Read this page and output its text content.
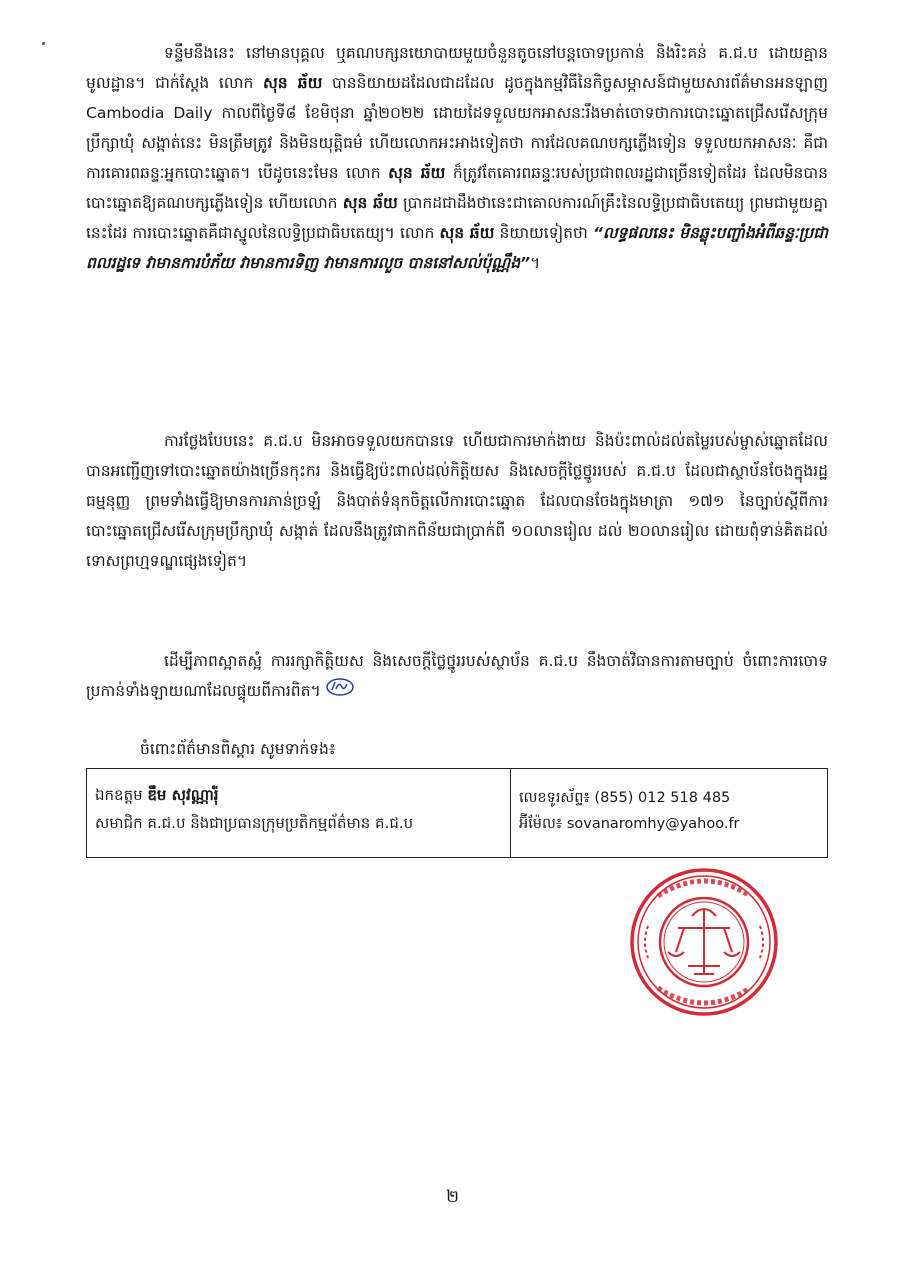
ទន្ទឹមនឹងនេះ នៅមានបុគ្គល ឬគណបក្សនយោបាយមួយចំនួនតូចនៅបន្តចោទប្រកាន់ និងរិះគន់ គ.ជ.ប ដោយគ្មានមូលដ្ឋាន។ ជាក់ស្តែង លោក សុន ឆ័យ បាននិយាយដដែលជាដដែល ដូចក្នុងកម្មវិធីនៃកិច្ចសម្ភាសន៍ជាមួយសារព័ត៌មានអនឡាញ Cambodia Daily កាលពីថ្ងៃទី៨ ខែមិថុនា ឆ្នាំ២០២២ ដោយដៃទទួលយកអាសនៈរឹងមាត់ចោទថាការបោះឆ្នោតជ្រើសរើសក្រុមប្រឹក្សាឃុំ សង្កាត់នេះ មិនត្រឹមត្រូវ និងមិនយុត្តិធម៌ ហើយលោកអះអាងទៀតថា ការដែលគណបក្សភ្លើងទៀន ទទួលយកអាសនៈ គឺជាការគោរពឆន្ទៈអ្នកបោះឆ្នោត។ បើដូចនេះមែន លោក សុន ឆ័យ ក៏ត្រូវតែគោរពឆន្ទៈរបស់ប្រជាពលរដ្ឋជាច្រើនទៀតដែរ ដែលមិនបានបោះឆ្នោតឱ្យគណបក្សភ្លើងទៀន ហើយលោក សុន ឆ័យ ប្រាកដជាដឹងថានេះជាគោលការណ៍គ្រឹះនៃលទ្ធិប្រជាធិបតេយ្យ ព្រមជាមួយគ្នានេះដែរ ការបោះឆ្នោតគឺជាស្នូលនៃលទ្ធិប្រជាធិបតេយ្យ។ លោក សុន ឆ័យ និយាយទៀតថា “លទ្ធផលនេះ មិនឆ្លុះបញ្ចាំងអំពីឆន្ទៈប្រជាពលរដ្ឋទេ វាមានការបំភ័យ វាមានការទិញ វាមានការលួច បាននៅសល់ប៉ុណ្ណឹង”។

ការថ្លែងបែបនេះ គ.ជ.ប មិនអាចទទួលយកបានទេ ហើយជាការមាក់ងាយ និងប៉ះពាល់ដល់តម្លៃរបស់ម្ចាស់ឆ្នោតដែលបានអញ្ជើញទៅបោះឆ្នោតយ៉ាងច្រើនកុះករ និងធ្វើឱ្យប៉ះពាល់ដល់កិត្តិយស និងសេចក្តីថ្លៃថ្នូររបស់ គ.ជ.ប ដែលជាស្ថាប័នចែងក្នុងរដ្ឋធម្មនុញ្ញ ព្រមទាំងធ្វើឱ្យមានការភាន់ច្រឡំ និងបាត់ទំនុកចិត្តលើការបោះឆ្នោត ដែលបានចែងក្នុងមាត្រា ១៧១ នៃច្បាប់ស្តីពីការបោះឆ្នោតជ្រើសរើសក្រុមប្រឹក្សាឃុំ សង្កាត់ ដែលនឹងត្រូវផាកពិន័យជាប្រាក់ពី ១០លានរៀល ដល់ ២០លានរៀល ដោយពុំទាន់គិតដល់ទោសព្រហ្មទណ្ឌផ្សេងទៀត។

ដើម្បីភាពស្អាតស្អំ ការរក្សាកិត្តិយស និងសេចក្តីថ្លៃថ្នូររបស់ស្ថាប័ន គ.ជ.ប នឹងចាត់វិធានការតាមច្បាប់ ចំពោះការចោទប្រកាន់ទាំងឡាយណាដែលផ្ទុយពីការពិត។

ចំពោះព័ត៌មានពិស្តារ សូមទាក់ទង៖

ឯកឧត្តម ឌឹម សុវណ្ណារ៉ុំ
សមាជិក គ.ជ.ប និងជាប្រធានក្រុមប្រតិកម្មព័ត៌មាន គ.ជ.ប
លេខទូរស័ព្ទ៖ (855) 012 518 485
អ៊ីម៉ែល៖ sovanaromhy@yahoo.fr
២
